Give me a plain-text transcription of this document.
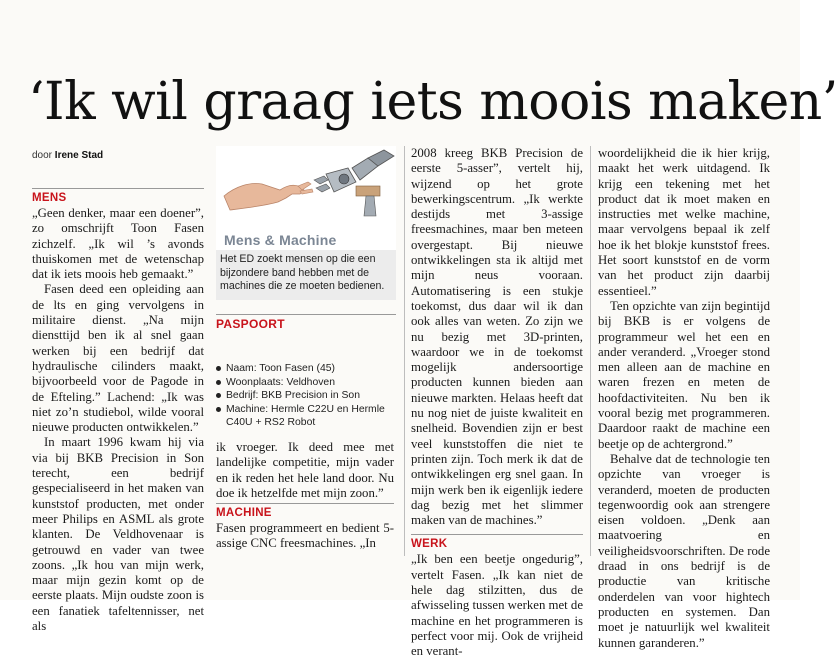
‘Ik wil graag iets moois maken’
door Irene Stad
MENS

„Geen denker, maar een doener”, zo omschrijft Toon Fasen zichzelf. „Ik wil ’s avonds thuiskomen met de wetenschap dat ik iets moois heb gemaakt.”

Fasen deed een opleiding aan de lts en ging vervolgens in militaire dienst. „Na mijn diensttijd ben ik al snel gaan werken bij een bedrijf dat hydraulische cilinders maakt, bijvoorbeeld voor de Pagode in de Efteling.” Lachend: „Ik was niet zo’n studiebol, wilde vooral nieuwe producten ontwikkelen.”

In maart 1996 kwam hij via via bij BKB Precision in Son terecht, een bedrijf gespecialiseerd in het maken van kunststof producten, met onder meer Philips en ASML als grote klanten. De Veldhovenaar is getrouwd en vader van twee zoons. „Ik hou van mijn werk, maar mijn gezin komt op de eerste plaats. Mijn oudste zoon is een fanatiek tafeltennisser, net als

Mens & Machine
Het ED zoekt mensen op die een bijzondere band hebben met de machines die ze moeten bedienen.
PASPOORT
Naam: Toon Fasen (45)
Woonplaats: Veldhoven
Bedrijf: BKB Precision in Son
Machine: Hermle C22U en Hermle C40U + RS2 Robot

ik vroeger. Ik deed mee met landelijke competitie, mijn vader en ik reden het hele land door. Nu doe ik hetzelfde met mijn zoon.”

MACHINE

Fasen programmeert en bedient 5-assige CNC freesmachines. „In

2008 kreeg BKB Precision de eerste 5-asser”, vertelt hij, wijzend op het grote bewerkingscentrum. „Ik werkte destijds met 3-assige freesmachines, maar ben meteen overgestapt. Bij nieuwe ontwikkelingen sta ik altijd met mijn neus vooraan. Automatisering is een stukje toekomst, dus daar wil ik dan ook alles van weten. Zo zijn we nu bezig met 3D-printen, waardoor we in de toekomst mogelijk andersoortige producten kunnen bieden aan nieuwe markten. Helaas heeft dat nu nog niet de juiste kwaliteit en snelheid. Bovendien zijn er best veel kunststoffen die niet te printen zijn. Toch merk ik dat de ontwikkelingen erg snel gaan. In mijn werk ben ik eigenlijk iedere dag bezig met het slimmer maken van de machines.”

WERK

„Ik ben een beetje ongedurig”, vertelt Fasen. „Ik kan niet de hele dag stilzitten, dus de afwisseling tussen werken met de machine en het programmeren is perfect voor mij. Ook de vrijheid en verant-

woordelijkheid die ik hier krijg, maakt het werk uitdagend. Ik krijg een tekening met het product dat ik moet maken en instructies met welke machine, maar vervolgens bepaal ik zelf hoe ik het blokje kunststof frees. Het soort kunststof en de vorm van het product zijn daarbij essentieel.”

Ten opzichte van zijn begintijd bij BKB is er volgens de programmeur wel het een en ander veranderd. „Vroeger stond men alleen aan de machine en waren frezen en meten de hoofdactiviteiten. Nu ben ik vooral bezig met programmeren. Daardoor raakt de machine een beetje op de achtergrond.”

Behalve dat de technologie ten opzichte van vroeger is veranderd, moeten de producten tegenwoordig ook aan strengere eisen voldoen. „Denk aan maatvoering en veiligheidsvoorschriften. De rode draad in ons bedrijf is de productie van kritische onderdelen van voor hightech producten en systemen. Dan moet je natuurlijk wel kwaliteit kunnen garanderen.”
